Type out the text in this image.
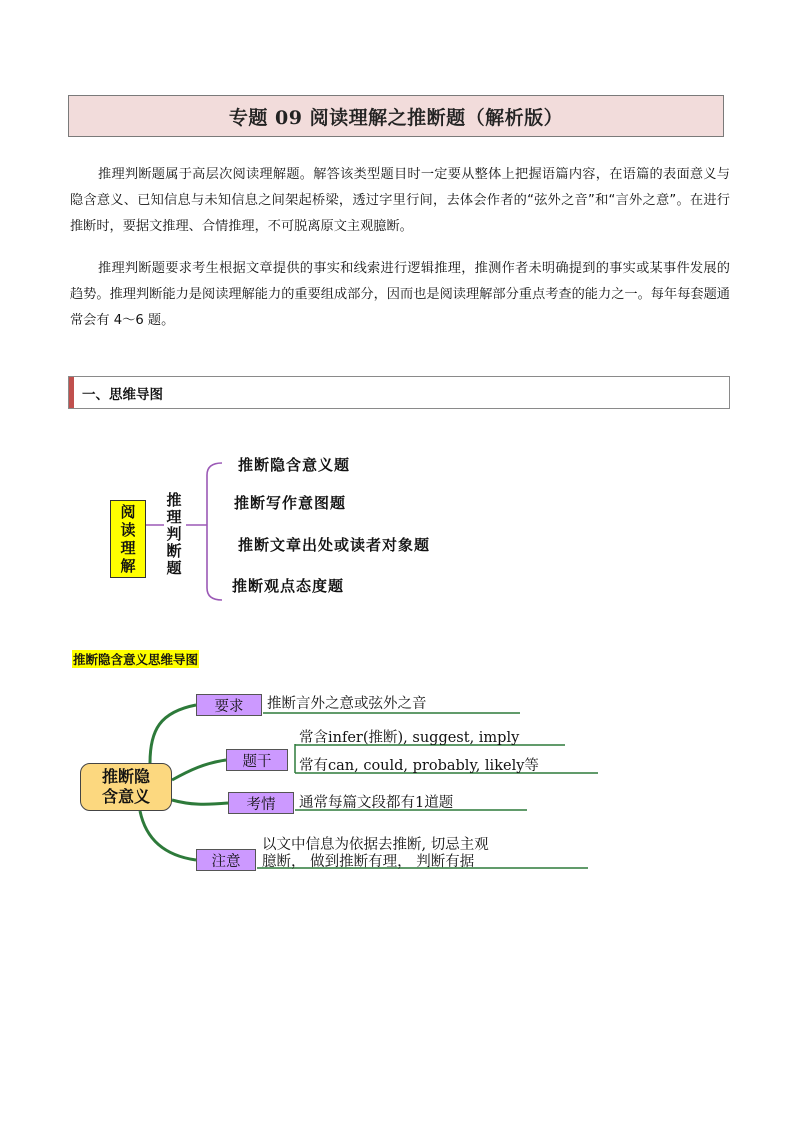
专题 09 阅读理解之推断题（解析版）

推理判断题属于高层次阅读理解题。解答该类型题目时一定要从整体上把握语篇内容，在语篇的表面意义与隐含意义、已知信息与未知信息之间架起桥梁，透过字里行间，去体会作者的“弦外之音”和“言外之意”。在进行推断时，要据文推理、合情推理，不可脱离原文主观臆断。

推理判断题要求考生根据文章提供的事实和线索进行逻辑推理，推测作者未明确提到的事实或某事件发展的趋势。推理判断能力是阅读理解能力的重要组成部分，因而也是阅读理解部分重点考查的能力之一。每年每套题通常会有 4～6 题。

一、思维导图
阅
读
理
解
推
理
判
断
题
推断隐含意义题
推断写作意图题
推断文章出处或读者对象题
推断观点态度题
推断隐含意义思维导图
推断隐
含意义
要求
题干
考情
注意
推断言外之意或弦外之音
常含infer(推断), suggest, imply
常有can, could, probably, likely等
通常每篇文段都有1道题
以文中信息为依据去推断, 切忌主观
臆断， 做到推断有理， 判断有据
